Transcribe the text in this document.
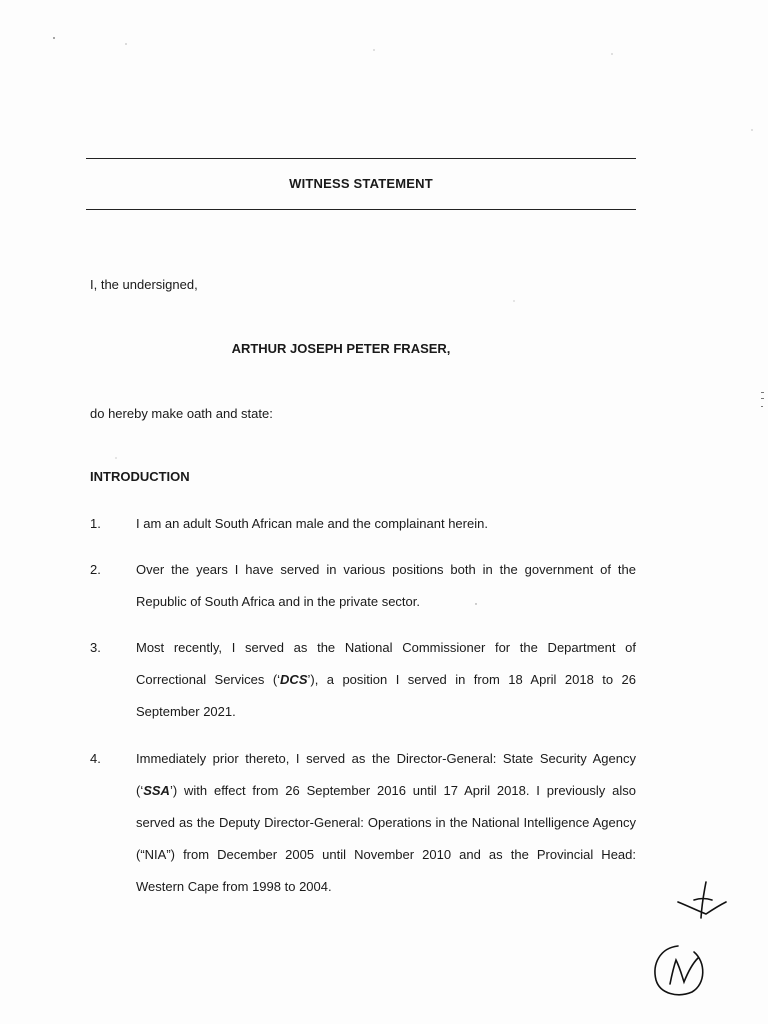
WITNESS STATEMENT
I, the undersigned,
ARTHUR JOSEPH PETER FRASER,
do hereby make oath and state:
INTRODUCTION
1.	I am an adult South African male and the complainant herein.
2.	Over the years I have served in various positions both in the government of the Republic of South Africa and in the private sector.
3.	Most recently, I served as the National Commissioner for the Department of Correctional Services (‘DCS’), a position I served in from 18 April 2018 to 26 September 2021.
4.	Immediately prior thereto, I served as the Director-General: State Security Agency (‘SSA’) with effect from 26 September 2016 until 17 April 2018. I previously also served as the Deputy Director-General: Operations in the National Intelligence Agency (“NIA”) from December 2005 until November 2010 and as the Provincial Head: Western Cape from 1998 to 2004.
